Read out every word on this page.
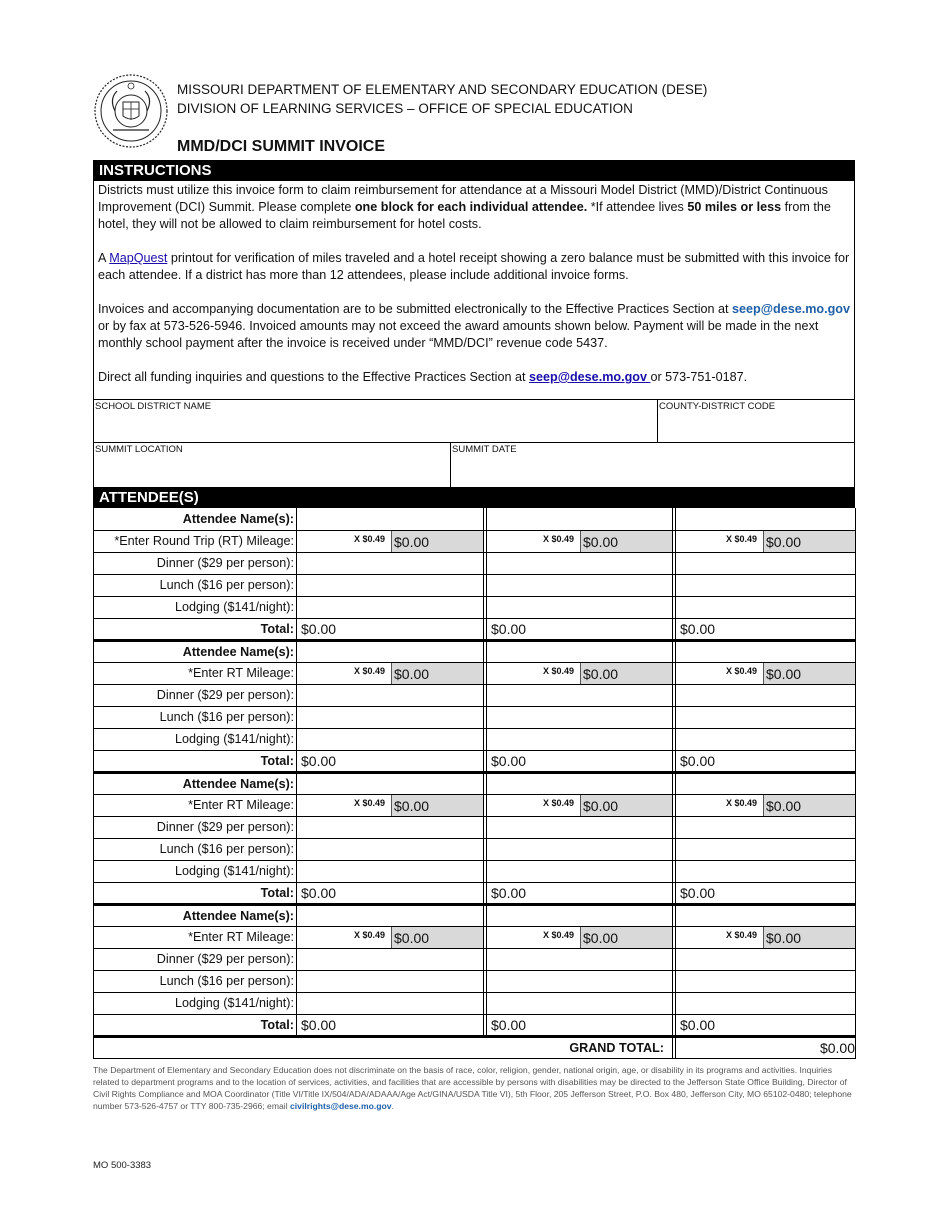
MISSOURI DEPARTMENT OF ELEMENTARY AND SECONDARY EDUCATION (DESE)
DIVISION OF LEARNING SERVICES – OFFICE OF SPECIAL EDUCATION
MMD/DCI SUMMIT INVOICE
INSTRUCTIONS

Districts must utilize this invoice form to claim reimbursement for attendance at a Missouri Model District (MMD)/District Continuous Improvement (DCI) Summit. Please complete one block for each individual attendee. *If attendee lives 50 miles or less from the hotel, they will not be allowed to claim reimbursement for hotel costs.

A MapQuest printout for verification of miles traveled and a hotel receipt showing a zero balance must be submitted with this invoice for each attendee. If a district has more than 12 attendees, please include additional invoice forms.

Invoices and accompanying documentation are to be submitted electronically to the Effective Practices Section at seep@dese.mo.gov or by fax at 573-526-5946. Invoiced amounts may not exceed the award amounts shown below. Payment will be made in the next monthly school payment after the invoice is received under “MMD/DCI” revenue code 5437.

Direct all funding inquiries and questions to the Effective Practices Section at seep@dese.mo.gov or 573-751-0187.

SCHOOL DISTRICT NAME	COUNTY-DISTRICT CODE
SUMMIT LOCATION	SUMMIT DATE
ATTENDEE(S)
Attendee Name(s):					
*Enter Round Trip (RT) Mileage:	X $0.49 $0.00		X $0.49 $0.00		X $0.49 $0.00

Dinner ($29 per person):					
Lunch ($16 per person):					
Lodging ($141/night):					
Total:	$0.00		$0.00		$0.00
Attendee Name(s):					
*Enter RT Mileage:	X $0.49 $0.00		X $0.49 $0.00		X $0.49 $0.00

Dinner ($29 per person):					
Lunch ($16 per person):					
Lodging ($141/night):					
Total:	$0.00		$0.00		$0.00
Attendee Name(s):					
*Enter RT Mileage:	X $0.49 $0.00		X $0.49 $0.00		X $0.49 $0.00

Dinner ($29 per person):					
Lunch ($16 per person):					
Lodging ($141/night):					
Total:	$0.00		$0.00		$0.00
Attendee Name(s):					
*Enter RT Mileage:	X $0.49 $0.00		X $0.49 $0.00		X $0.49 $0.00

Dinner ($29 per person):					
Lunch ($16 per person):					
Lodging ($141/night):					
Total:	$0.00		$0.00		$0.00
GRAND TOTAL:					$0.00
The Department of Elementary and Secondary Education does not discriminate on the basis of race, color, religion, gender, national origin, age, or disability in its programs and activities. Inquiries related to department programs and to the location of services, activities, and facilities that are accessible by persons with disabilities may be directed to the Jefferson State Office Building, Director of Civil Rights Compliance and MOA Coordinator (Title VI/Title IX/504/ADA/ADAAA/Age Act/GINA/USDA Title VI), 5th Floor, 205 Jefferson Street, P.O. Box 480, Jefferson City, MO 65102-0480; telephone number 573-526-4757 or TTY 800-735-2966; email civilrights@dese.mo.gov.
MO 500-3383
